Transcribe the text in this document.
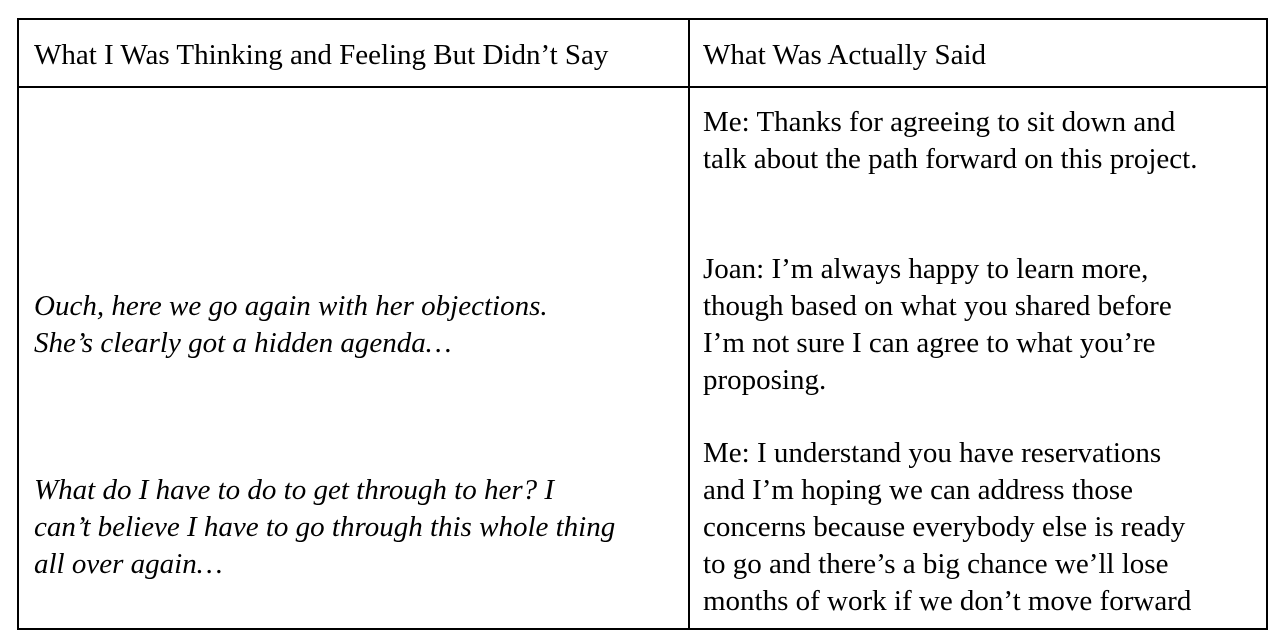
What I Was Thinking and Feeling But Didn’t Say	What Was Actually Said

Me: Thanks for agreeing to sit down and
talk about the path forward on this project.

Ouch, here we go again with her objections.
She’s clearly got a hidden agenda…

Joan: I’m always happy to learn more,
though based on what you shared before
I’m not sure I can agree to what you’re
proposing.

What do I have to do to get through to her? I
can’t believe I have to go through this whole thing
all over again…

Me: I understand you have reservations
and I’m hoping we can address those
concerns because everybody else is ready
to go and there’s a big chance we’ll lose
months of work if we don’t move forward
